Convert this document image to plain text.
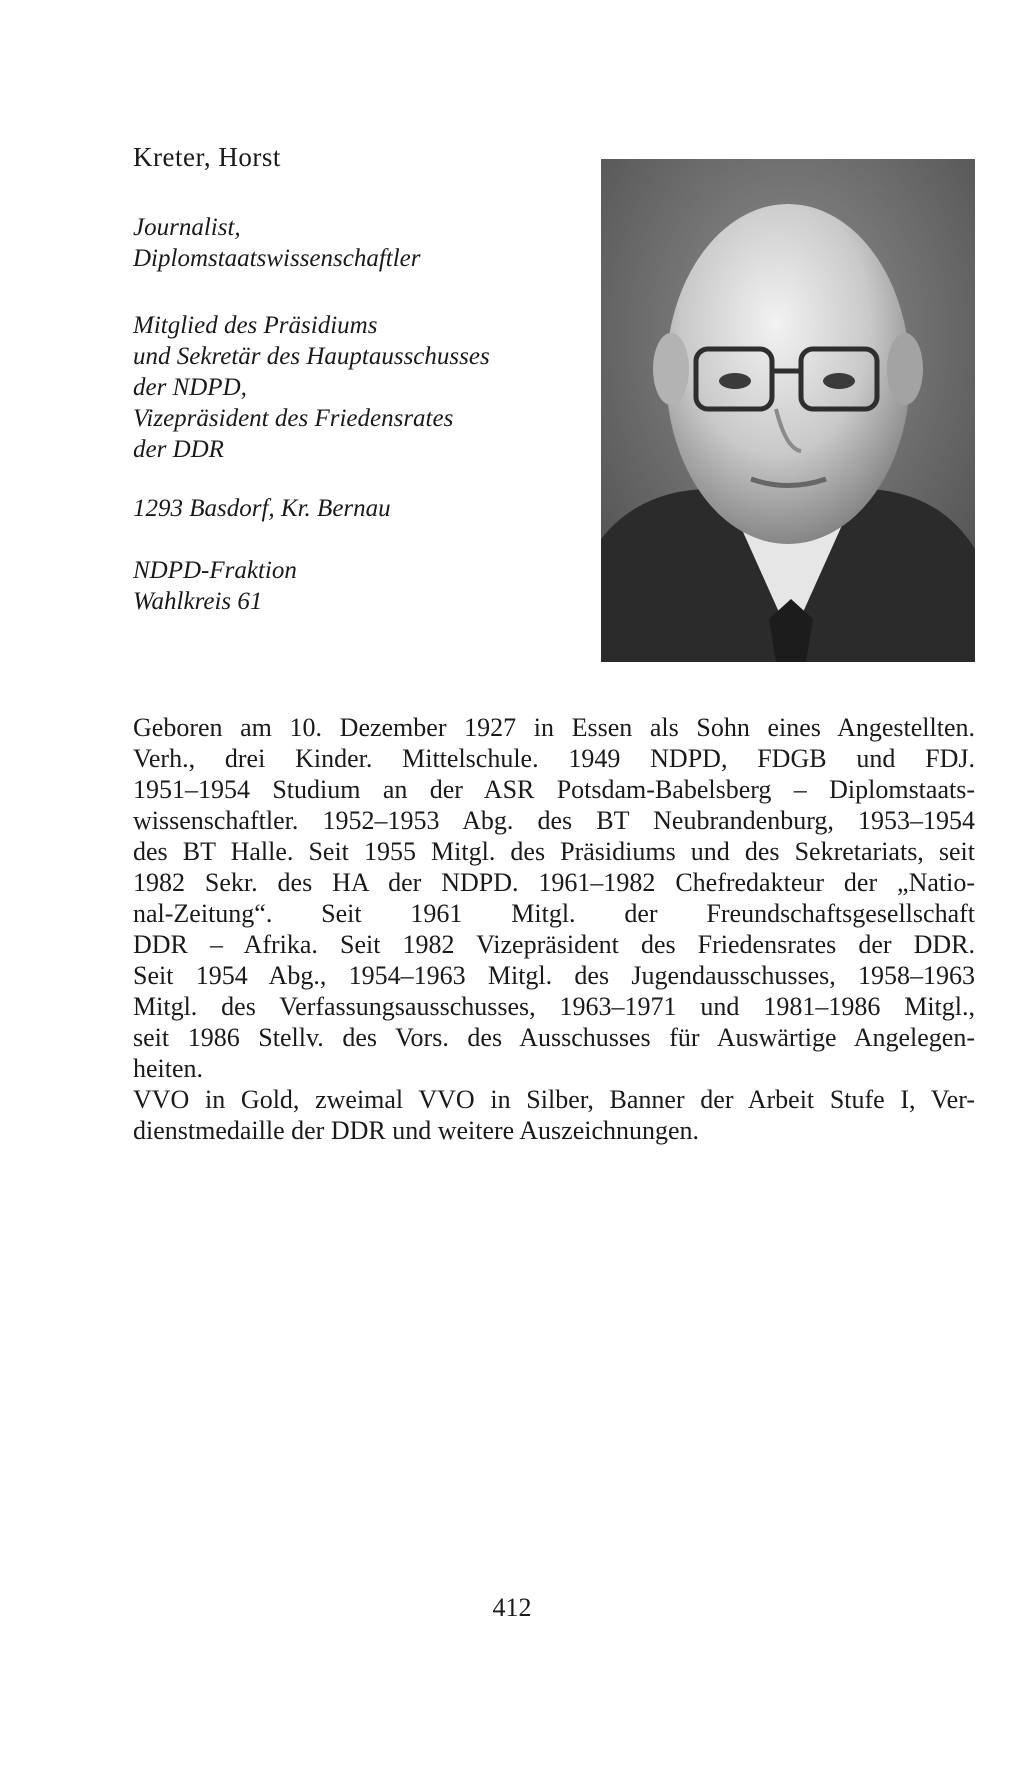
Kreter, Horst
Journalist,
Diplomstaatswissenschaftler
Mitglied des Präsidiums
und Sekretär des Hauptausschusses
der NDPD,
Vizepräsident des Friedensrates
der DDR
1293 Basdorf, Kr. Bernau
NDPD-Fraktion
Wahlkreis 61
Geboren am 10. Dezember 1927 in Essen als Sohn eines Angestellten.
Verh., drei Kinder. Mittelschule. 1949 NDPD, FDGB und FDJ.
1951–1954 Studium an der ASR Potsdam-Babelsberg – Diplomstaats-
wissenschaftler. 1952–1953 Abg. des BT Neubrandenburg, 1953–1954
des BT Halle. Seit 1955 Mitgl. des Präsidiums und des Sekretariats, seit
1982 Sekr. des HA der NDPD. 1961–1982 Chefredakteur der „Natio-
nal-Zeitung“. Seit 1961 Mitgl. der Freundschaftsgesellschaft
DDR – Afrika. Seit 1982 Vizepräsident des Friedensrates der DDR.
Seit 1954 Abg., 1954–1963 Mitgl. des Jugendausschusses, 1958–1963
Mitgl. des Verfassungsausschusses, 1963–1971 und 1981–1986 Mitgl.,
seit 1986 Stellv. des Vors. des Ausschusses für Auswärtige Angelegen-
heiten.
VVO in Gold, zweimal VVO in Silber, Banner der Arbeit Stufe I, Ver-
dienstmedaille der DDR und weitere Auszeichnungen.
412
